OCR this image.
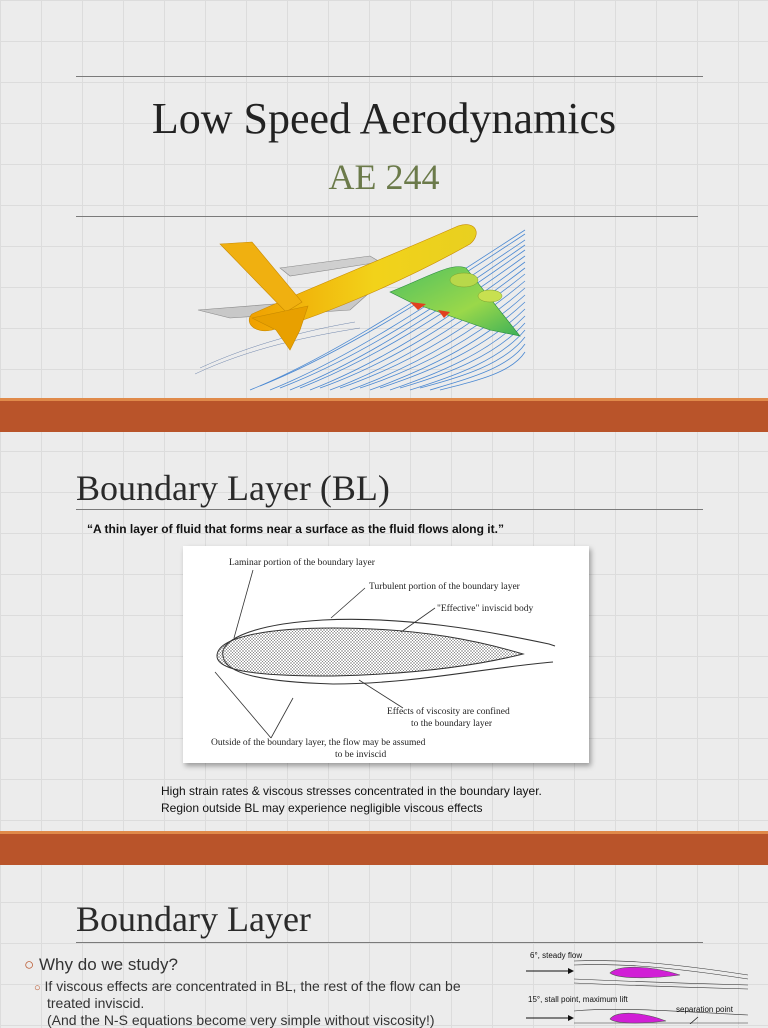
Low Speed Aerodynamics
AE 244
Boundary Layer (BL)
“A thin layer of fluid that forms near a surface as the fluid flows along it.”
Laminar portion of the boundary layer
Turbulent portion of the boundary layer
"Effective" inviscid body
Effects of viscosity are confined
to the boundary layer
Outside of the boundary layer, the flow may be assumed
to be inviscid
High strain rates & viscous stresses concentrated in the boundary layer.
Region outside BL may experience negligible viscous effects
Boundary Layer
○ Why do we study?
○ If viscous effects are concentrated in BL, the rest of the flow can be
treated inviscid.
(And the N-S equations become very simple without viscosity!)
6°, steady flow
15°, stall point, maximum lift
separation point
